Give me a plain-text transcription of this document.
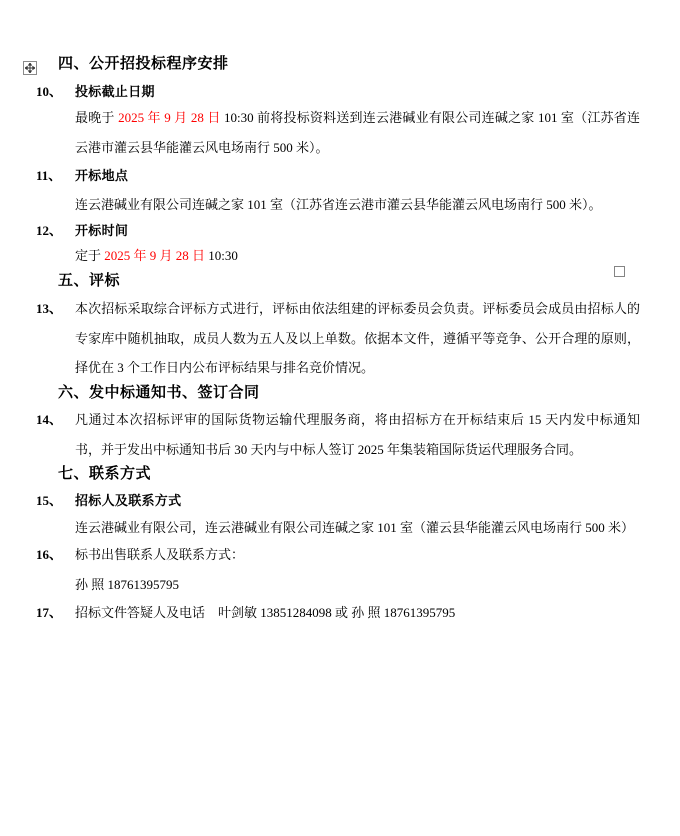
四、公开招投标程序安排
10、 投标截止日期

最晚于 2025 年 9 月 28 日 10:30 前将投标资料送到连云港碱业有限公司连碱之家 101 室（江苏省连云港市灌云县华能灌云风电场南行 500 米）。

11、	开标地点

连云港碱业有限公司连碱之家 101 室（江苏省连云港市灌云县华能灌云风电场南行 500 米）。

12、 开标时间

定于 2025 年 9 月 28 日 10:30

五、评标
13、 本次招标采取综合评标方式进行，评标由依法组建的评标委员会负责。评标委员会成员由招标人的专家库中随机抽取，成员人数为五人及以上单数。依据本文件，遵循平等竞争、公开合理的原则，择优在 3 个工作日内公布评标结果与排名竞价情况。
六、发中标通知书、签订合同
14、 凡通过本次招标评审的国际货物运输代理服务商，将由招标方在开标结束后 15 天内发中标通知书，并于发出中标通知书后 30 天内与中标人签订 2025 年集装箱国际货运代理服务合同。
七、联系方式
15、 招标人及联系方式

连云港碱业有限公司，连云港碱业有限公司连碱之家 101 室（灌云县华能灌云风电场南行 500 米）

16、 标书出售联系人及联系方式：

孙 照 18761395795

17、 招标文件答疑人及电话　叶剑敏 13851284098 或 孙 照 18761395795
